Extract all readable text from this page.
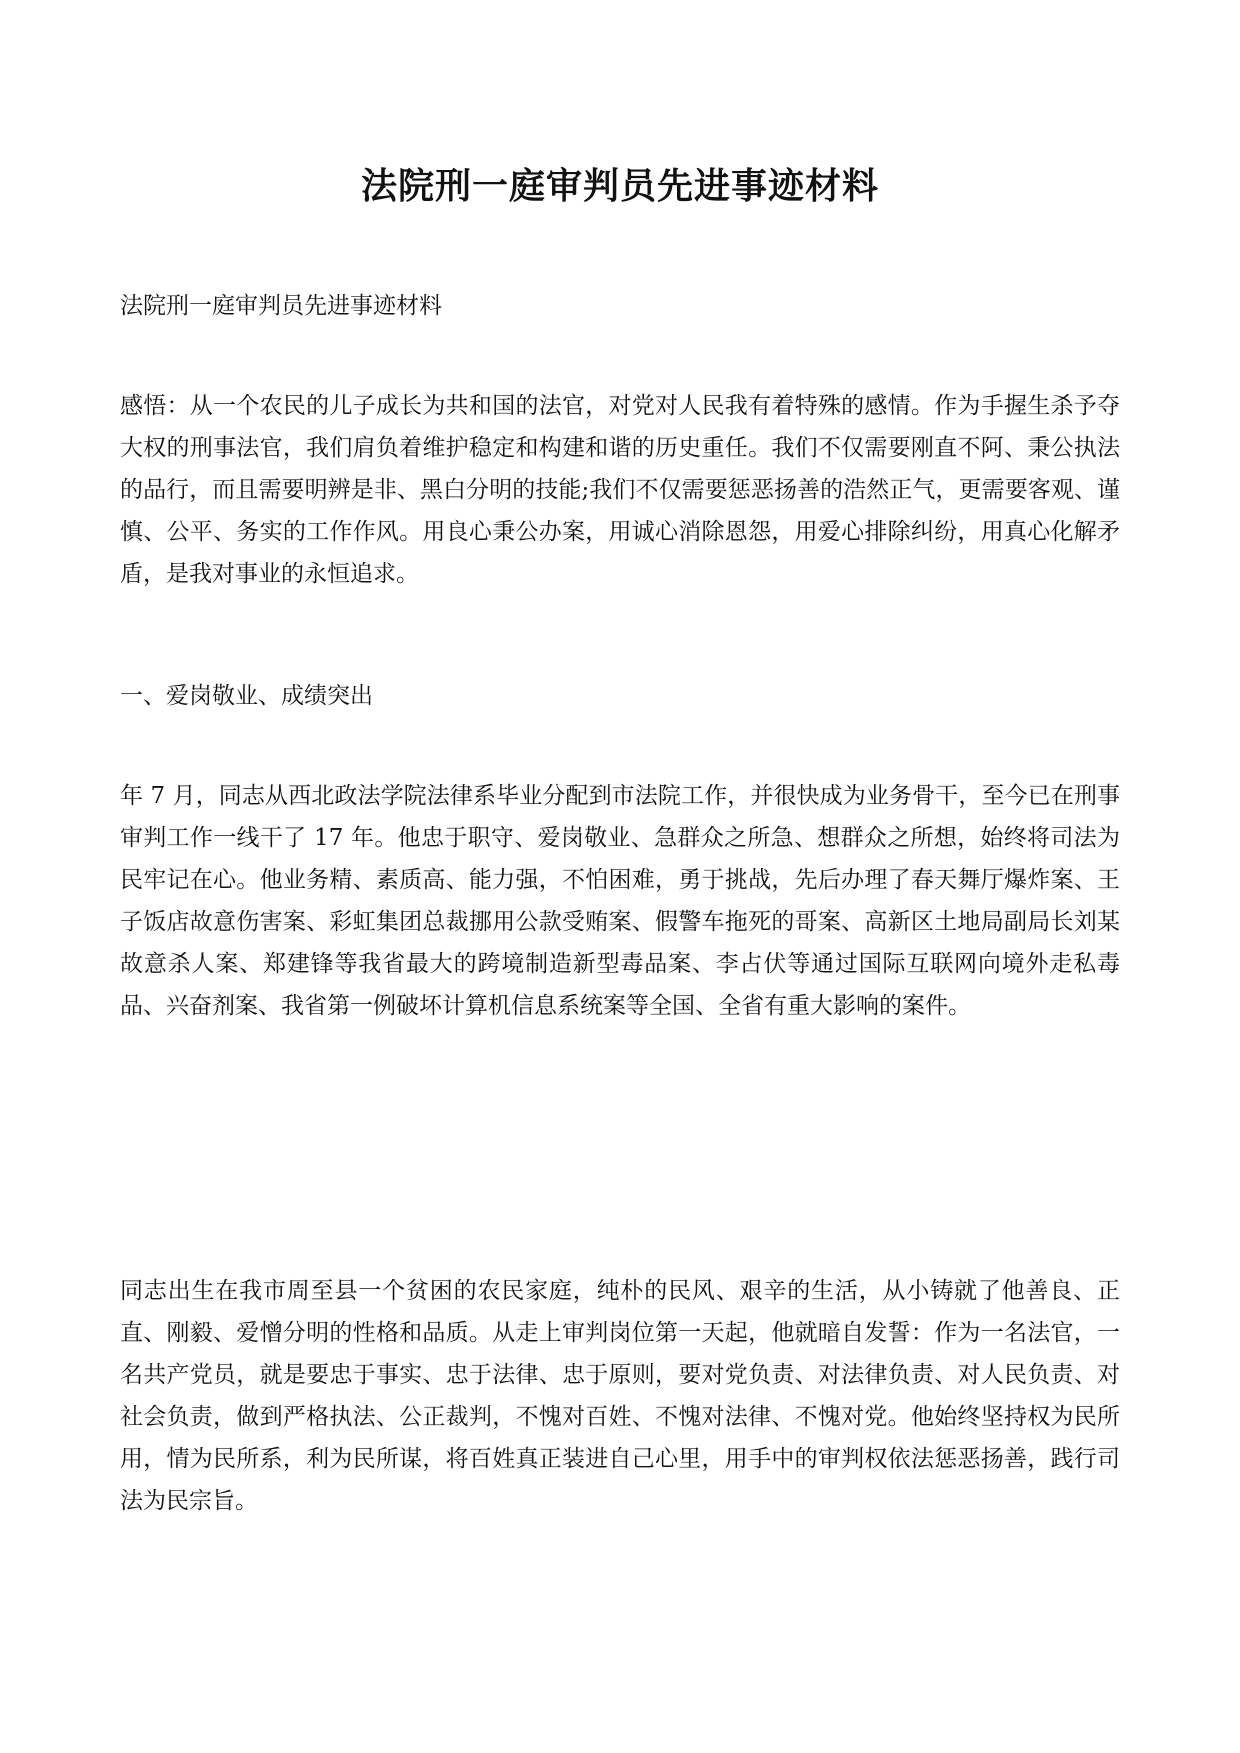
法院刑一庭审判员先进事迹材料

法院刑一庭审判员先进事迹材料

感悟：从一个农民的儿子成长为共和国的法官，对党对人民我有着特殊的感情。作为手握生杀予夺大权的刑事法官，我们肩负着维护稳定和构建和谐的历史重任。我们不仅需要刚直不阿、秉公执法的品行，而且需要明辨是非、黑白分明的技能;我们不仅需要惩恶扬善的浩然正气，更需要客观、谨慎、公平、务实的工作作风。用良心秉公办案，用诚心消除恩怨，用爱心排除纠纷，用真心化解矛盾，是我对事业的永恒追求。

一、爱岗敬业、成绩突出

年 7 月，同志从西北政法学院法律系毕业分配到市法院工作，并很快成为业务骨干，至今已在刑事审判工作一线干了 17 年。他忠于职守、爱岗敬业、急群众之所急、想群众之所想，始终将司法为民牢记在心。他业务精、素质高、能力强，不怕困难，勇于挑战，先后办理了春天舞厅爆炸案、王子饭店故意伤害案、彩虹集团总裁挪用公款受贿案、假警车拖死的哥案、高新区土地局副局长刘某故意杀人案、郑建锋等我省最大的跨境制造新型毒品案、李占伏等通过国际互联网向境外走私毒品、兴奋剂案、我省第一例破坏计算机信息系统案等全国、全省有重大影响的案件。

同志出生在我市周至县一个贫困的农民家庭，纯朴的民风、艰辛的生活，从小铸就了他善良、正直、刚毅、爱憎分明的性格和品质。从走上审判岗位第一天起，他就暗自发誓：作为一名法官，一名共产党员，就是要忠于事实、忠于法律、忠于原则，要对党负责、对法律负责、对人民负责、对社会负责，做到严格执法、公正裁判，不愧对百姓、不愧对法律、不愧对党。他始终坚持权为民所用，情为民所系，利为民所谋，将百姓真正装进自己心里，用手中的审判权依法惩恶扬善，践行司法为民宗旨。
